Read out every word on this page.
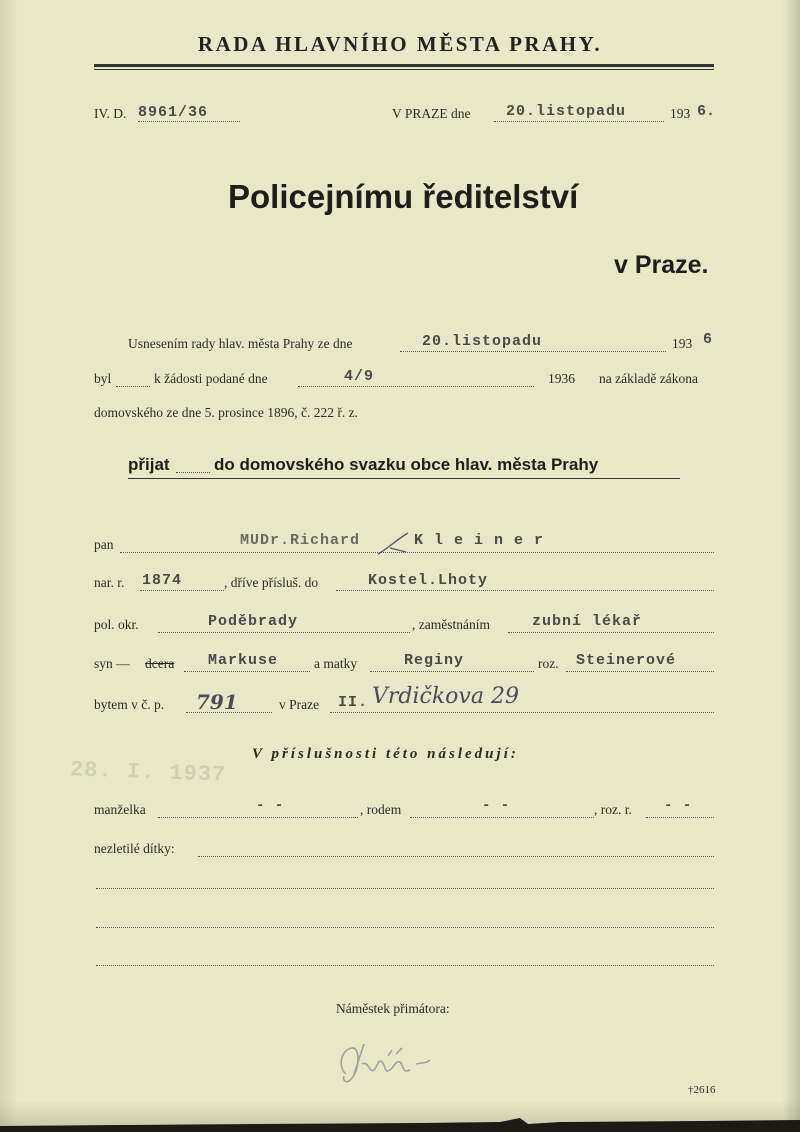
RADA HLAVNÍHO MĚSTA PRAHY.
IV. D. 8961/36	V PRAZE dne 20.listopadu	193 6.
Policejnímu ředitelství
v Praze.
Usnesením rady hlav. města Prahy ze dne	20.listopadu	193 6
byl	k žádosti podané dne	4/9	1936 na základě zákona
domovského ze dne 5. prosince 1896, č. 222 ř. z.
přijat	do domovského svazku obce hlav. města Prahy
pan	MUDr.Richard	K l e i n e r
nar. r. 1874	, dříve přísluš. do	Kostel.Lhoty
pol. okr.	Poděbrady	, zaměstnáním	zubní lékař
syn — dcera Markuse	a matky	Reginy	roz. Steinerové
bytem v č. p. 791	v Praze II. Vrdičkova 29
V příslušnosti této následují:
manželka	- -	, rodem	- -	, roz. r. - -
nezletilé dítky:
28. I. 1937
Náměstek přimátora:
†2616
